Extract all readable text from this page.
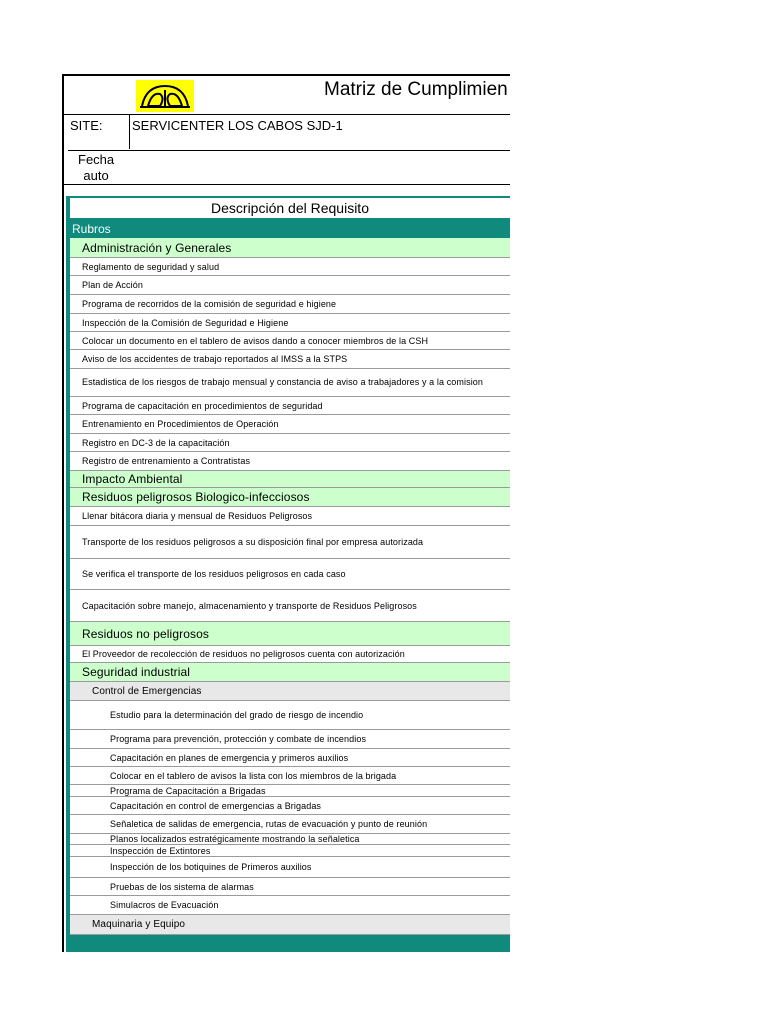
Matriz de Cumplimien
SITE: SERVICENTER LOS CABOS SJD-1
Fecha
auto
Descripción del Requisito
Rubros
Administración y Generales
Reglamento de seguridad y salud
Plan de Acción
Programa de recorridos de la comisión de seguridad e higiene
Inspección de la Comisión de Seguridad e Higiene
Colocar un documento en el tablero de avisos dando a conocer miembros de la CSH
Aviso de los accidentes de trabajo reportados al IMSS a la STPS
Estadistica de los riesgos de trabajo mensual y constancia de aviso a trabajadores y a la comision
Programa de capacitación en procedimientos de seguridad
Entrenamiento en Procedimientos de Operación
Registro en DC-3 de la capacitación
Registro de entrenamiento a Contratistas
Impacto Ambiental
Residuos peligrosos Biologico-infecciosos
Llenar bitácora diaria y mensual de Residuos Peligrosos
Transporte de los residuos peligrosos a su disposición final por empresa autorizada
Se verifica el transporte de los residuos peligrosos en cada caso
Capacitación sobre manejo, almacenamiento y transporte de Residuos Peligrosos
Residuos no peligrosos
El Proveedor de recolección de residuos no peligrosos cuenta con autorización
Seguridad industrial
Control de Emergencias
Estudio para la determinación del grado de riesgo de incendio
Programa para prevención, protección y combate de incendios
Capacitación en planes de emergencia y primeros auxilios
Colocar en el tablero de avisos la lista con los miembros de la brigada
Programa de Capacitación a Brigadas
Capacitación en control de emergencias a Brigadas
Señaletica de salidas de emergencia, rutas de evacuación y punto de reunión
Planos localizados estratégicamente mostrando la señaletica
Inspección de Extintores
Inspección de los botiquines de Primeros auxilios
Pruebas de los sistema de alarmas
Simulacros de Evacuación
Maquinaria y Equipo
